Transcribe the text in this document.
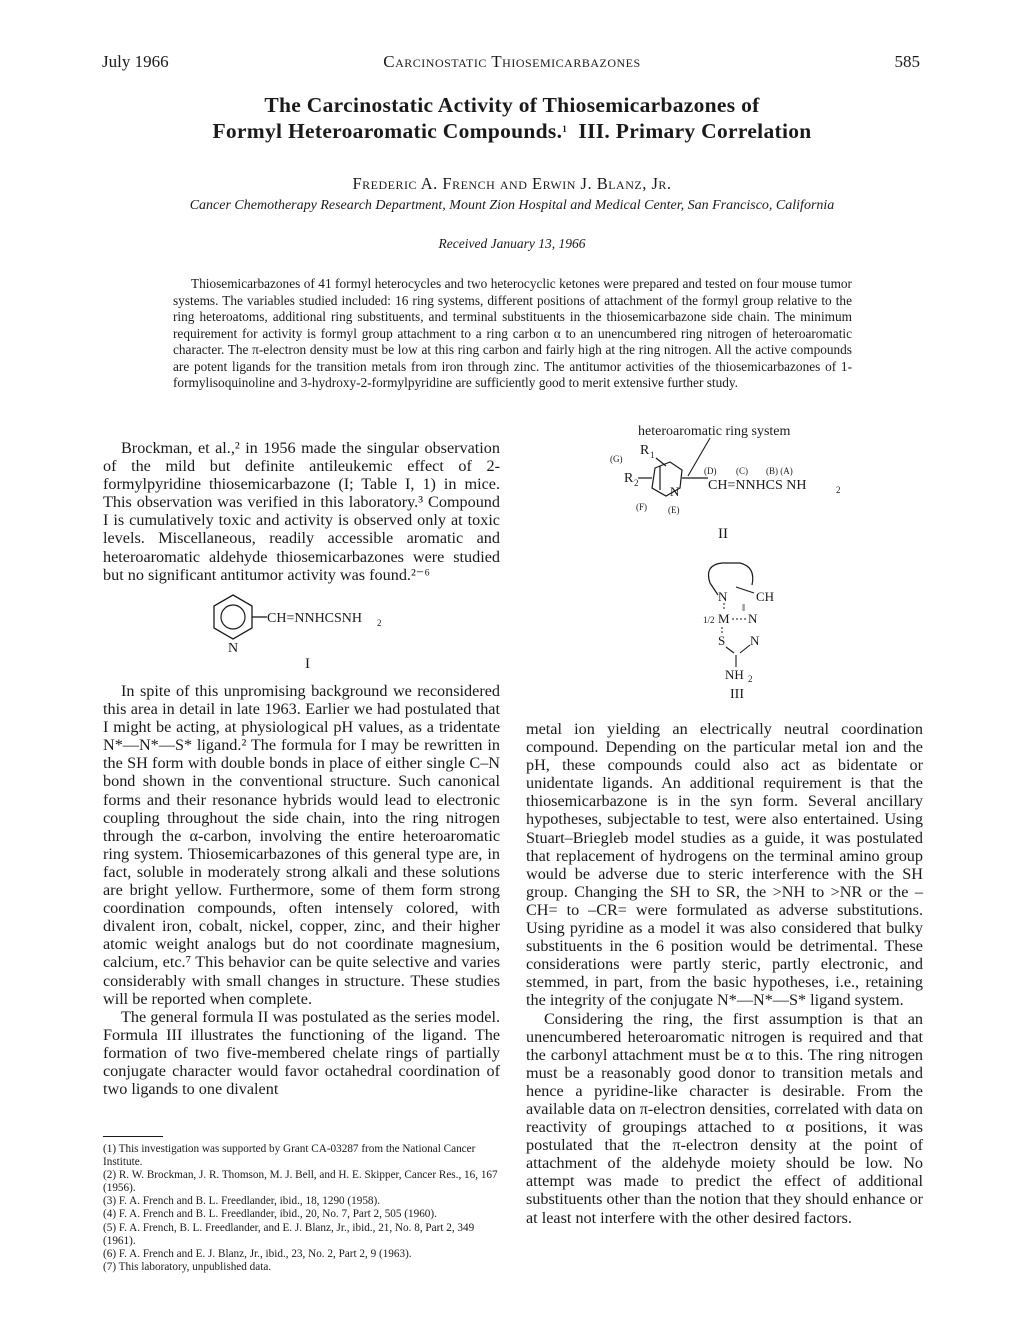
July 1966	Carcinostatic Thiosemicarbazones	585
The Carcinostatic Activity of Thiosemicarbazones of
Formyl Heteroaromatic Compounds.$^1$ III. Primary Correlation
Frederic A. French and Erwin J. Blanz, Jr.
Cancer Chemotherapy Research Department, Mount Zion Hospital and Medical Center, San Francisco, California
Received January 13, 1966

Thiosemicarbazones of 41 formyl heterocycles and two heterocyclic ketones were prepared and tested on four mouse tumor systems. The variables studied included: 16 ring systems, different positions of attachment of the formyl group relative to the ring heteroatoms, additional ring substituents, and terminal substituents in the thiosemicarbazone side chain. The minimum requirement for activity is formyl group attachment to a ring carbon α to an unencumbered ring nitrogen of heteroaromatic character. The π-electron density must be low at this ring carbon and fairly high at the ring nitrogen. All the active compounds are potent ligands for the transition metals from iron through zinc. The antitumor activities of the thiosemicarbazones of 1-formylisoquinoline and 3-hydroxy-2-formylpyridine are sufficiently good to merit extensive further study.

Brockman, et al.,² in 1956 made the singular observation of the mild but definite antileukemic effect of 2-formylpyridine thiosemicarbazone (I; Table I, 1) in mice. This observation was verified in this laboratory.³ Compound I is cumulatively toxic and activity is observed only at toxic levels. Miscellaneous, readily accessible aromatic and heteroaromatic aldehyde thiosemicarbazones were studied but no significant antitumor activity was found.²⁻⁶

N
CH=NNHCSNH 2
I

In spite of this unpromising background we reconsidered this area in detail in late 1963. Earlier we had postulated that I might be acting, at physiological pH values, as a tridentate N*—N*—S* ligand.² The formula for I may be rewritten in the SH form with double bonds in place of either single C–N bond shown in the conventional structure. Such canonical forms and their resonance hybrids would lead to electronic coupling throughout the side chain, into the ring nitrogen through the α-carbon, involving the entire heteroaromatic ring system. Thiosemicarbazones of this general type are, in fact, soluble in moderately strong alkali and these solutions are bright yellow. Furthermore, some of them form strong coordination compounds, often intensely colored, with divalent iron, cobalt, nickel, copper, zinc, and their higher atomic weight analogs but do not coordinate magnesium, calcium, etc.⁷ This behavior can be quite selective and varies considerably with small changes in structure. These studies will be reported when complete.

The general formula II was postulated as the series model. Formula III illustrates the functioning of the ligand. The formation of two five-membered chelate rings of partially conjugate character would favor octahedral coordination of two ligands to one divalent

(1) This investigation was supported by Grant CA-03287 from the National Cancer Institute.
(2) R. W. Brockman, J. R. Thomson, M. J. Bell, and H. E. Skipper, Cancer Res., 16, 167 (1956).
(3) F. A. French and B. L. Freedlander, ibid., 18, 1290 (1958).
(4) F. A. French and B. L. Freedlander, ibid., 20, No. 7, Part 2, 505 (1960).
(5) F. A. French, B. L. Freedlander, and E. J. Blanz, Jr., ibid., 21, No. 8, Part 2, 349 (1961).
(6) F. A. French and E. J. Blanz, Jr., ibid., 23, No. 2, Part 2, 9 (1963).
(7) This laboratory, unpublished data.
heteroaromatic ring system
R 1
(G)
R 2
N
(D) (C) (B) (A)
CH=NNHCS NH	2
(F) (E)
II
N CH
‖
1/2 M N
S N
NH 2
III

metal ion yielding an electrically neutral coordination compound. Depending on the particular metal ion and the pH, these compounds could also act as bidentate or unidentate ligands. An additional requirement is that the thiosemicarbazone is in the syn form. Several ancillary hypotheses, subjectable to test, were also entertained. Using Stuart–Briegleb model studies as a guide, it was postulated that replacement of hydrogens on the terminal amino group would be adverse due to steric interference with the SH group. Changing the SH to SR, the >NH to >NR or the –CH= to –CR= were formulated as adverse substitutions. Using pyridine as a model it was also considered that bulky substituents in the 6 position would be detrimental. These considerations were partly steric, partly electronic, and stemmed, in part, from the basic hypotheses, i.e., retaining the integrity of the conjugate N*—N*—S* ligand system.

Considering the ring, the first assumption is that an unencumbered heteroaromatic nitrogen is required and that the carbonyl attachment must be α to this. The ring nitrogen must be a reasonably good donor to transition metals and hence a pyridine-like character is desirable. From the available data on π-electron densities, correlated with data on reactivity of groupings attached to α positions, it was postulated that the π-electron density at the point of attachment of the aldehyde moiety should be low. No attempt was made to predict the effect of additional substituents other than the notion that they should enhance or at least not interfere with the other desired factors.
